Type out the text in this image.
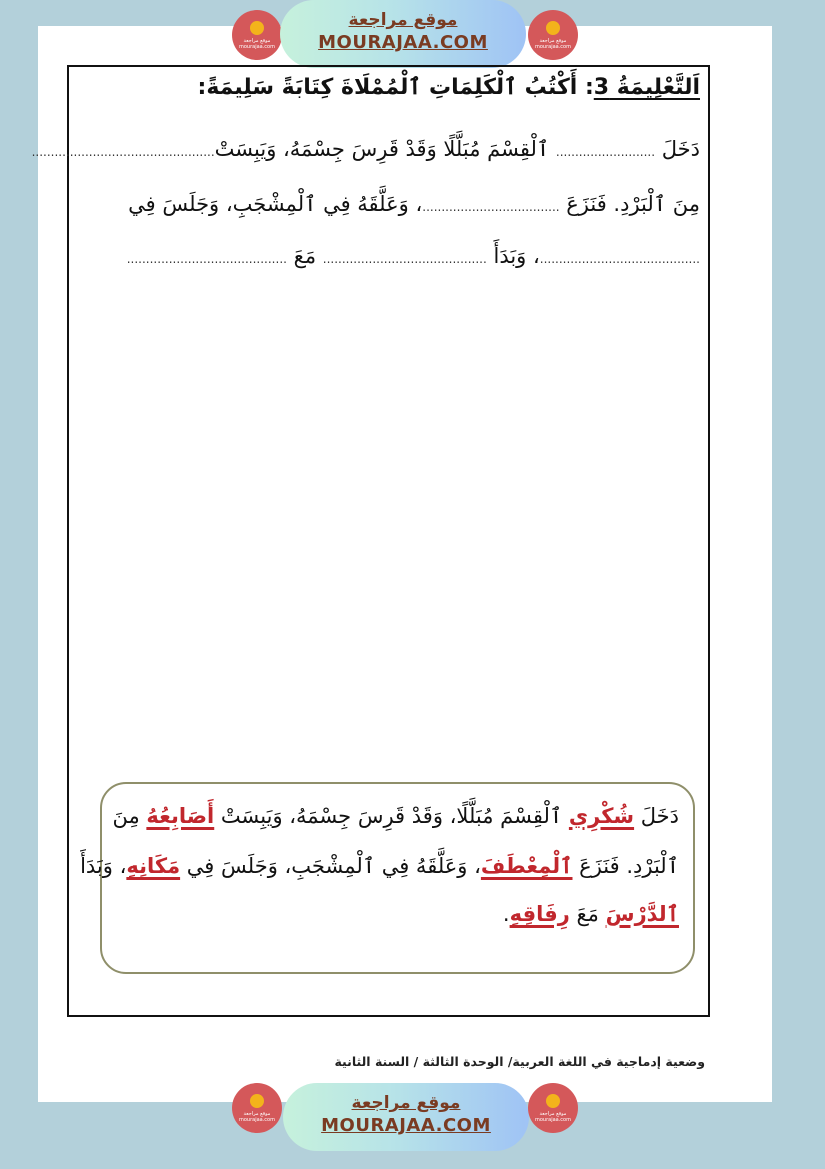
موقع مراجعة
mourajaa.com
موقع مراجعة
MOURAJAA.COM	موقع مراجعة
mourajaa.com
اَلتَّعْلِيمَةُ 3: أَكْتُبُ ٱلْكَلِمَاتِ ٱلْمُمْلَاةَ كِتَابَةً سَلِيمَةً:
دَخَلَ .......................... ٱلْقِسْمَ مُبَلَّلًا وَقَدْ قَرِسَ جِسْمَهُ، وَيَبِسَتْ................................................
مِنَ ٱلْبَرْدِ. فَنَزَعَ ....................................، وَعَلَّقَهُ فِي ٱلْمِشْجَبِ، وَجَلَسَ فِي
..........................................، وَبَدَأَ ........................................... مَعَ ..........................................
دَخَلَ شُكْرِي ٱلْقِسْمَ مُبَلَّلًا، وَقَدْ قَرِسَ جِسْمَهُ، وَيَبِسَتْ أَصَابِعُهُ مِنَ
ٱلْبَرْدِ. فَنَزَعَ ٱلْمِعْطَفَ، وَعَلَّقَهُ فِي ٱلْمِشْجَبِ، وَجَلَسَ فِي مَكَانِهِ، وَبَدَأَ
ٱلدَّرْسَ مَعَ رِفَاقِهِ.
وضعية إدماجية في اللغة العربية/ الوحدة الثالثة / السنة الثانية
موقع مراجعة
mourajaa.com
موقع مراجعة
MOURAJAA.COM
موقع مراجعة
mourajaa.com
